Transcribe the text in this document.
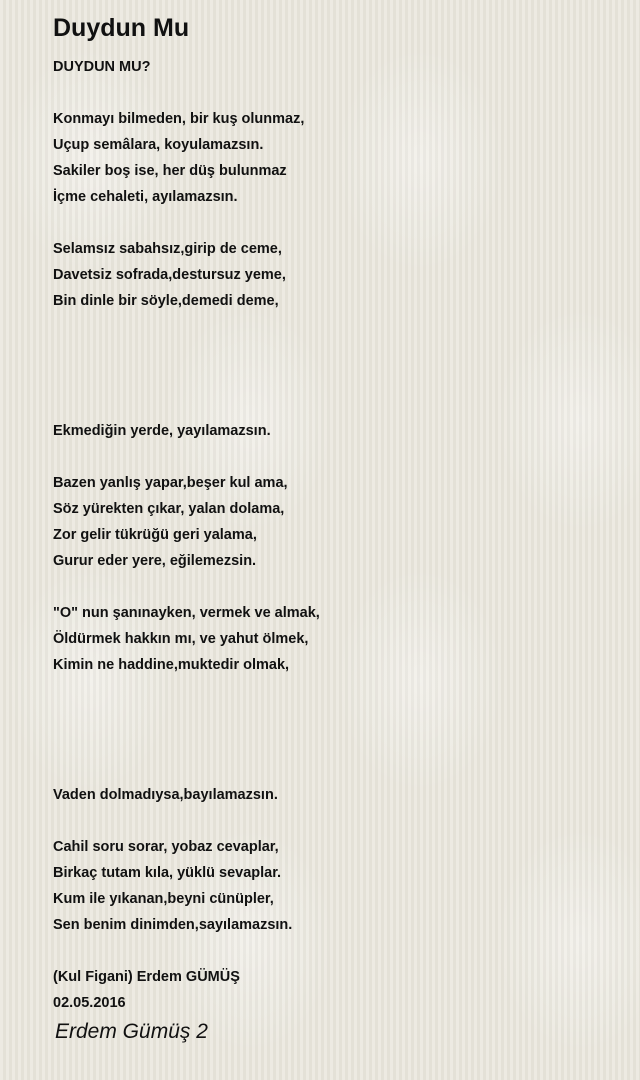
Duydun Mu
DUYDUN MU?
Konmayı bilmeden, bir kuş olunmaz,
Uçup semâlara, koyulamazsın.
Sakiler boş ise, her düş bulunmaz
İçme cehaleti, ayılamazsın.
Selamsız sabahsız,girip de ceme,
Davetsiz sofrada,destursuz yeme,
Bin dinle bir söyle,demedi deme,
Ekmediğin yerde, yayılamazsın.
Bazen yanlış yapar,beşer kul ama,
Söz yürekten çıkar, yalan dolama,
Zor gelir tükrüğü geri yalama,
Gurur eder yere, eğilemezsin.
"O" nun şanınayken, vermek ve almak,
Öldürmek hakkın mı, ve yahut ölmek,
Kimin ne haddine,muktedir olmak,
Vaden dolmadıysa,bayılamazsın.
Cahil soru sorar, yobaz cevaplar,
Birkaç tutam kıla, yüklü sevaplar.
Kum ile yıkanan,beyni cünüpler,
Sen benim dinimden,sayılamazsın.
(Kul Figani) Erdem GÜMÜŞ
02.05.2016
Erdem Gümüş 2
